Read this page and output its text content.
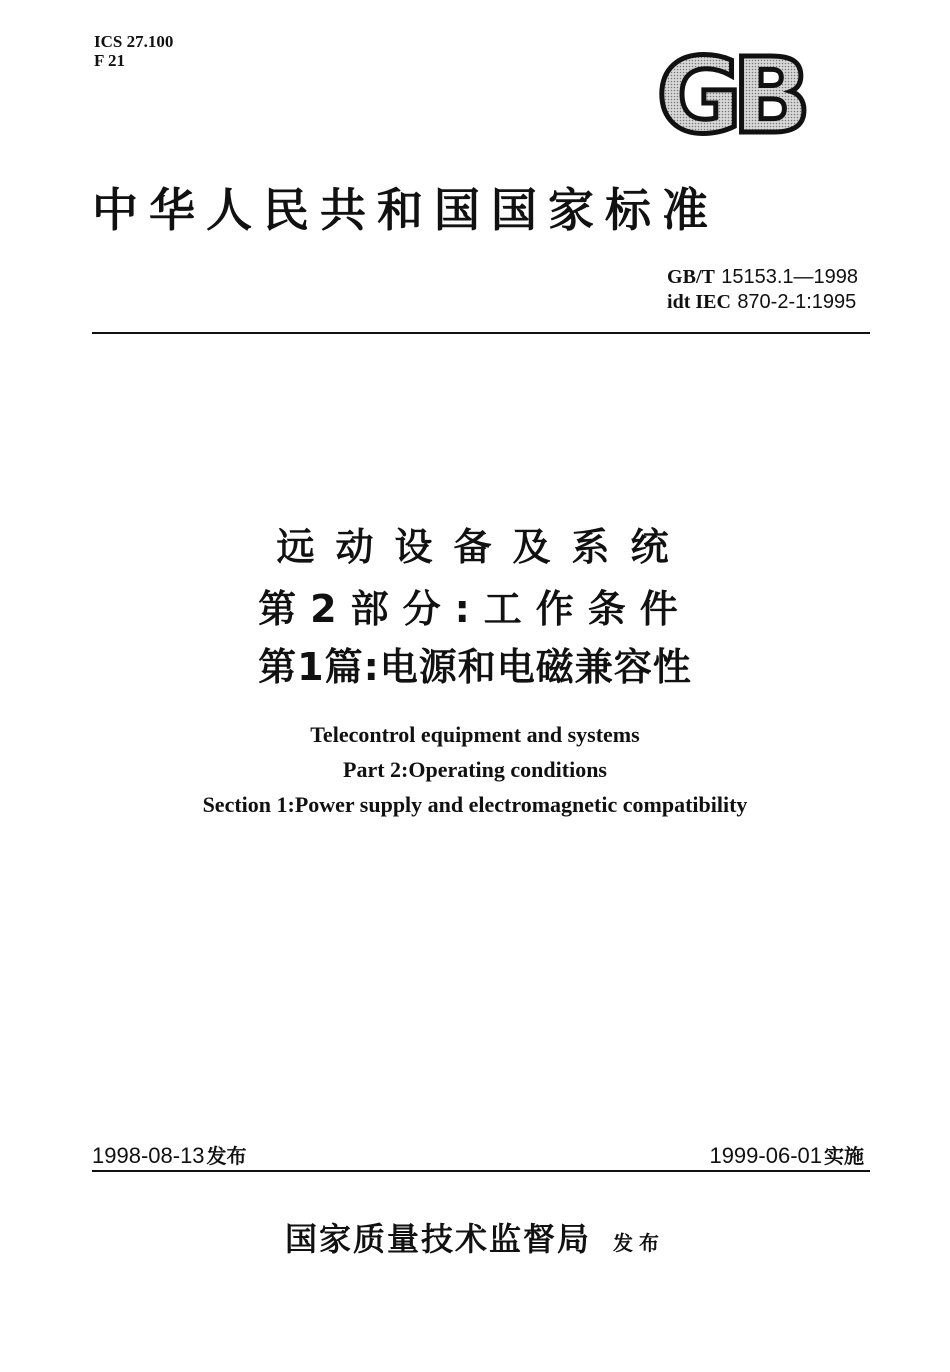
ICS 27.100
F 21	GB
中华人民共和国国家标准
GB/T 15153.1—1998
idt IEC 870-2-1:1995
远动设备及系统
第2部分:工作条件
第1篇:电源和电磁兼容性
Telecontrol equipment and systems
Part 2:Operating conditions
Section 1:Power supply and electromagnetic compatibility
1998-08-13 发布	1999-06-01 实施
国家质量技术监督局 发布
